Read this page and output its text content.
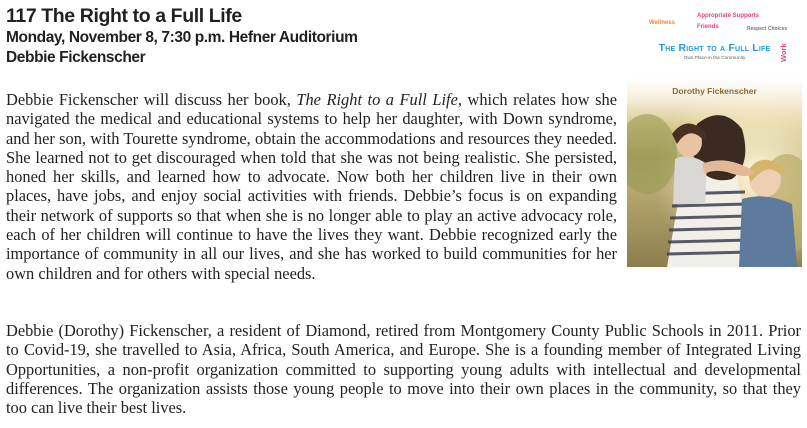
117 The Right to a Full Life

Monday, November 8, 7:30 p.m. Hefner Auditorium

Debbie Fickenscher

Debbie Fickenscher will discuss her book, The Right to a Full Life, which relates how she navigated the medical and educational systems to help her daughter, with Down syndrome, and her son, with Tourette syndrome, obtain the accommodations and resources they needed. She learned not to get discouraged when told that she was not being realistic. She persisted, honed her skills, and learned how to advocate. Now both her children live in their own places, have jobs, and enjoy social activities with friends. Debbie’s focus is on expanding their network of supports so that when she is no longer able to play an active advocacy role, each of her children will continue to have the lives they want. Debbie recognized early the importance of community in all our lives, and she has worked to build communities for her own children and for others with special needs.

Debbie (Dorothy) Fickenscher, a resident of Diamond, retired from Montgomery County Public Schools in 2011. Prior to Covid-19, she travelled to Asia, Africa, South America, and Europe. She is a founding member of Integrated Living Opportunities, a non-profit organization committed to supporting young adults with intellectual and developmental differences. The organization assists those young people to move into their own places in the community, so that they too can live their best lives.

Wellness
Appropriate Supports
Friends	Respect Choices
Work
The Right to a Full Life
Own Place in the Community
Dorothy Fickenscher
